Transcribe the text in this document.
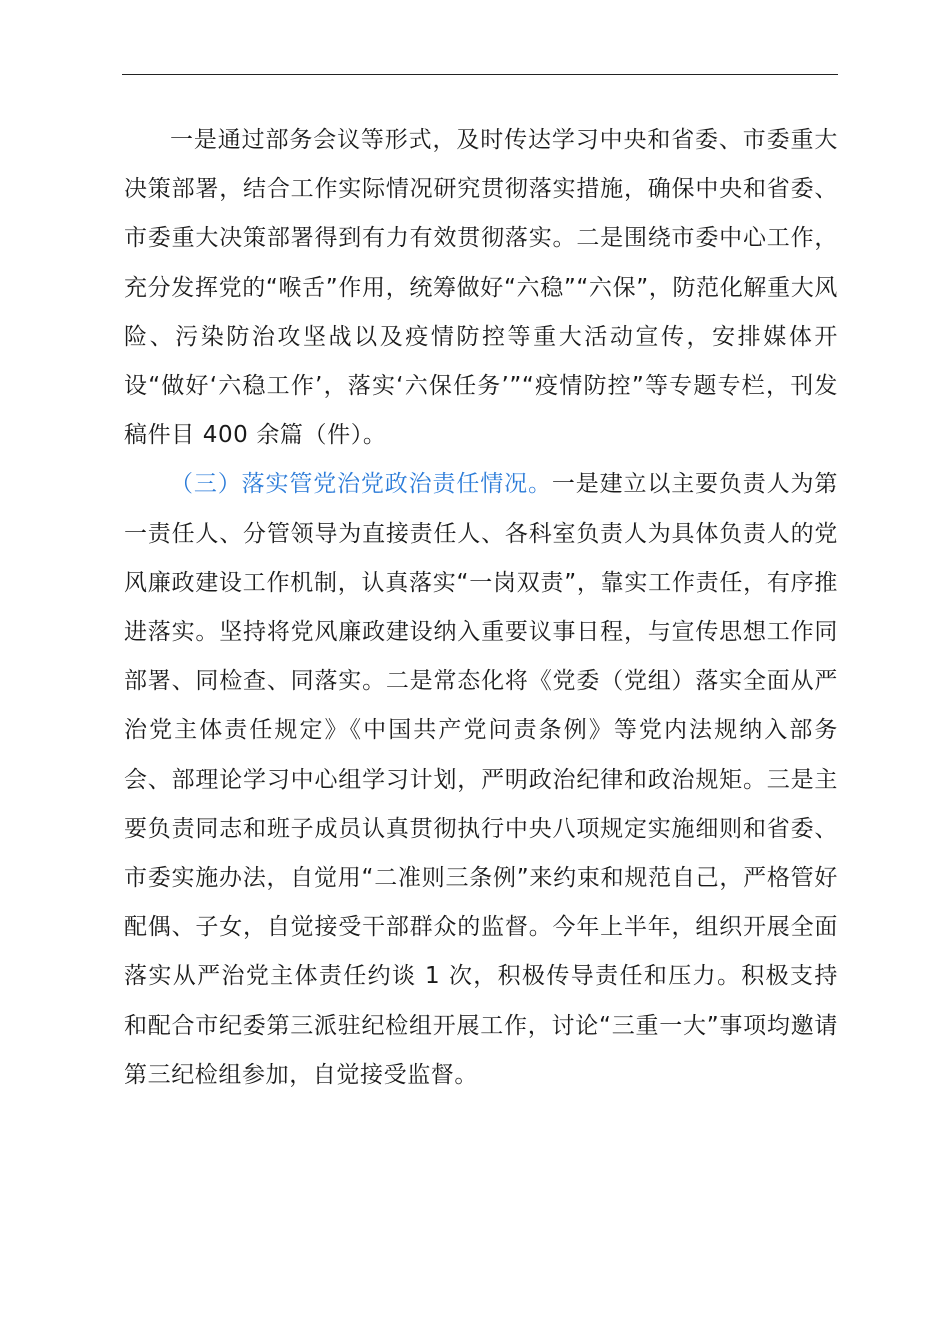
一是通过部务会议等形式，及时传达学习中央和省委、市委重大决策部署，结合工作实际情况研究贯彻落实措施，确保中央和省委、市委重大决策部署得到有力有效贯彻落实。二是围绕市委中心工作，充分发挥党的“喉舌”作用，统筹做好“六稳”“六保”，防范化解重大风险、污染防治攻坚战以及疫情防控等重大活动宣传，安排媒体开设“做好‘六稳工作’，落实‘六保任务’”“疫情防控”等专题专栏，刊发稿件目 400 余篇（件）。

（三）落实管党治党政治责任情况。一是建立以主要负责人为第一责任人、分管领导为直接责任人、各科室负责人为具体负责人的党风廉政建设工作机制，认真落实“一岗双责”，靠实工作责任，有序推进落实。坚持将党风廉政建设纳入重要议事日程，与宣传思想工作同部署、同检查、同落实。二是常态化将《党委（党组）落实全面从严治党主体责任规定》《中国共产党问责条例》等党内法规纳入部务会、部理论学习中心组学习计划，严明政治纪律和政治规矩。三是主要负责同志和班子成员认真贯彻执行中央八项规定实施细则和省委、市委实施办法，自觉用“二准则三条例”来约束和规范自己，严格管好配偶、子女，自觉接受干部群众的监督。今年上半年，组织开展全面落实从严治党主体责任约谈 1 次，积极传导责任和压力。积极支持和配合市纪委第三派驻纪检组开展工作，讨论“三重一大”事项均邀请第三纪检组参加，自觉接受监督。
